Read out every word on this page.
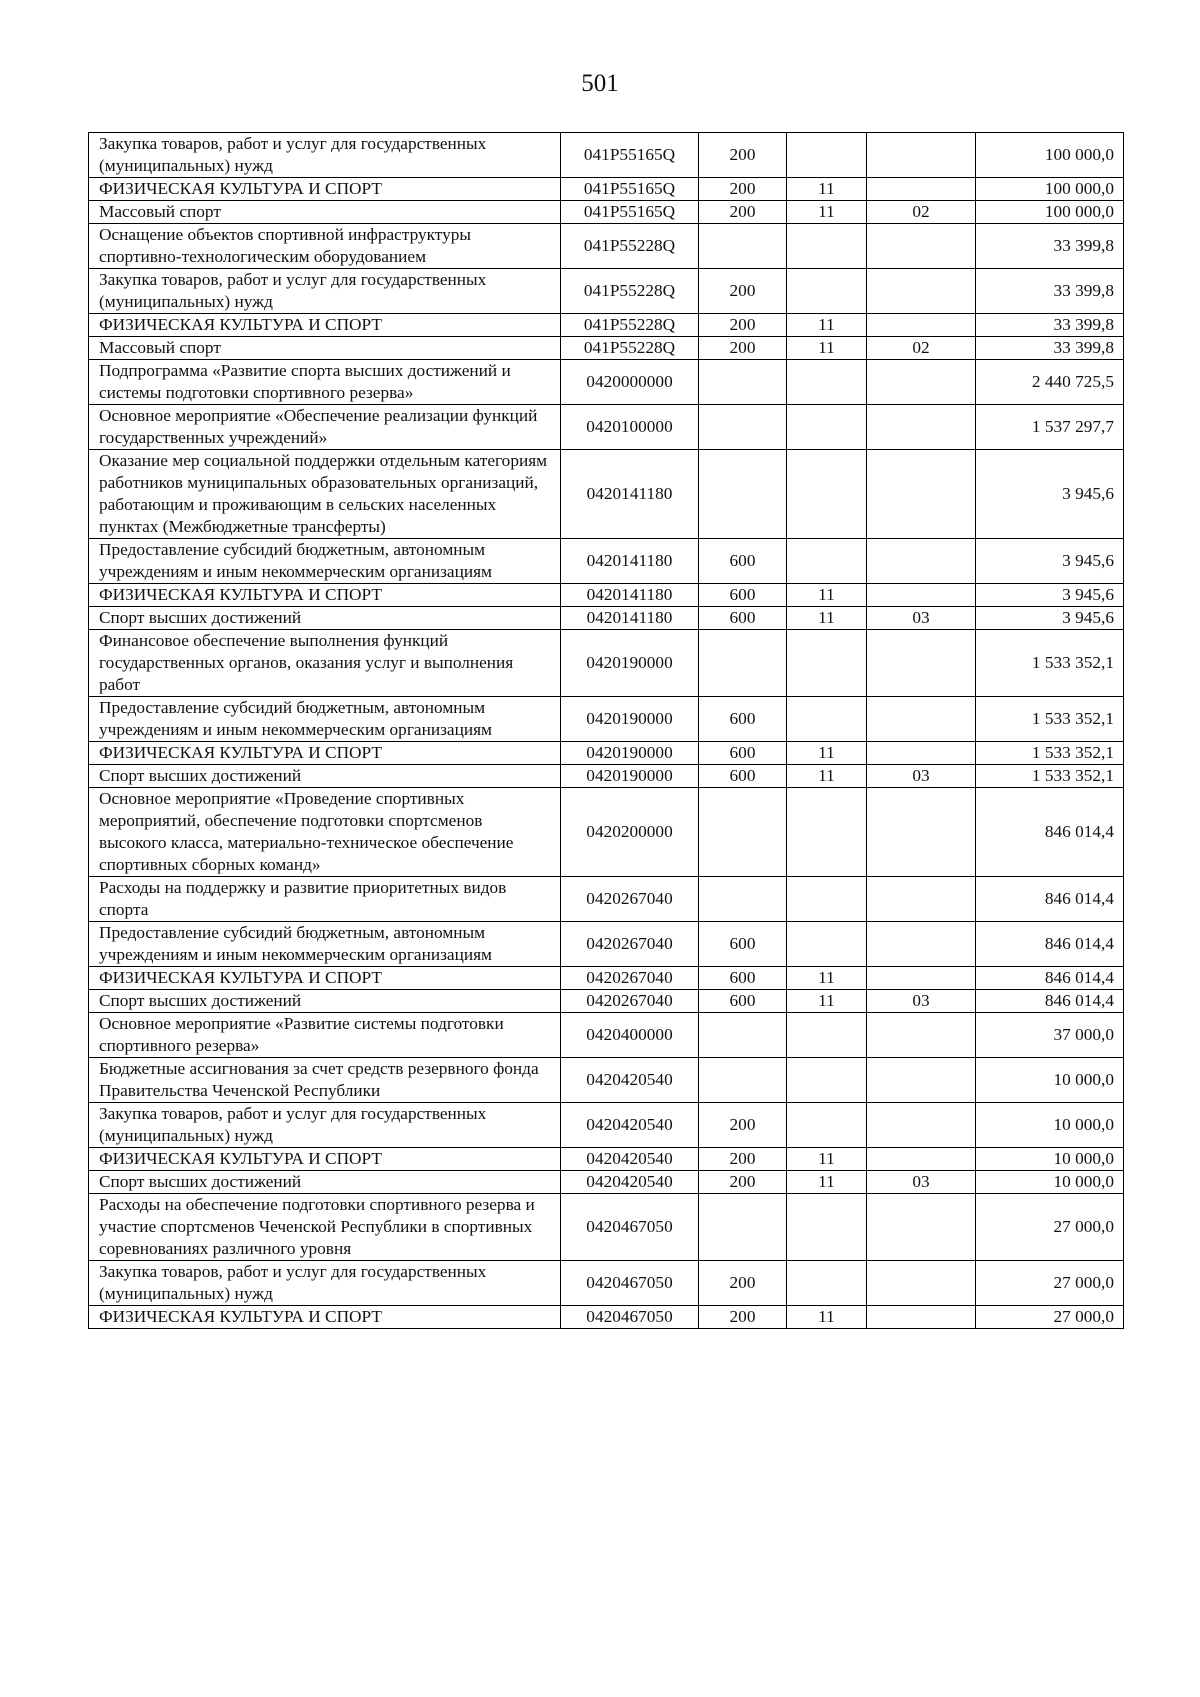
501
Закупка товаров, работ и услуг для государственных (муниципальных) нужд	041P55165Q	200			100 000,0
ФИЗИЧЕСКАЯ КУЛЬТУРА И СПОРТ	041P55165Q	200	11		100 000,0
Массовый спорт	041P55165Q	200	11	02	100 000,0
Оснащение объектов спортивной инфраструктуры спортивно-технологическим оборудованием	041P55228Q				33 399,8
Закупка товаров, работ и услуг для государственных (муниципальных) нужд	041P55228Q	200			33 399,8
ФИЗИЧЕСКАЯ КУЛЬТУРА И СПОРТ	041P55228Q	200	11		33 399,8
Массовый спорт	041P55228Q	200	11	02	33 399,8
Подпрограмма «Развитие спорта высших достижений и системы подготовки спортивного резерва»	0420000000				2 440 725,5
Основное мероприятие «Обеспечение реализации функций государственных учреждений»	0420100000				1 537 297,7
Оказание мер социальной поддержки отдельным категориям работников муниципальных образовательных организаций, работающим и проживающим в сельских населенных пунктах (Межбюджетные трансферты)	0420141180				3 945,6
Предоставление субсидий бюджетным, автономным учреждениям и иным некоммерческим организациям	0420141180	600			3 945,6
ФИЗИЧЕСКАЯ КУЛЬТУРА И СПОРТ	0420141180	600	11		3 945,6
Спорт высших достижений	0420141180	600	11	03	3 945,6
Финансовое обеспечение выполнения функций государственных органов, оказания услуг и выполнения работ	0420190000				1 533 352,1
Предоставление субсидий бюджетным, автономным учреждениям и иным некоммерческим организациям	0420190000	600			1 533 352,1
ФИЗИЧЕСКАЯ КУЛЬТУРА И СПОРТ	0420190000	600	11		1 533 352,1
Спорт высших достижений	0420190000	600	11	03	1 533 352,1
Основное мероприятие «Проведение спортивных мероприятий, обеспечение подготовки спортсменов высокого класса, материально-техническое обеспечение спортивных сборных команд»	0420200000				846 014,4
Расходы на поддержку и развитие приоритетных видов спорта	0420267040				846 014,4
Предоставление субсидий бюджетным, автономным учреждениям и иным некоммерческим организациям	0420267040	600			846 014,4
ФИЗИЧЕСКАЯ КУЛЬТУРА И СПОРТ	0420267040	600	11		846 014,4
Спорт высших достижений	0420267040	600	11	03	846 014,4
Основное мероприятие «Развитие системы подготовки спортивного резерва»	0420400000				37 000,0
Бюджетные ассигнования за счет средств резервного фонда Правительства Чеченской Республики	0420420540				10 000,0
Закупка товаров, работ и услуг для государственных (муниципальных) нужд	0420420540	200			10 000,0
ФИЗИЧЕСКАЯ КУЛЬТУРА И СПОРТ	0420420540	200	11		10 000,0
Спорт высших достижений	0420420540	200	11	03	10 000,0
Расходы на обеспечение подготовки спортивного резерва и участие спортсменов Чеченской Республики в спортивных соревнованиях различного уровня	0420467050				27 000,0
Закупка товаров, работ и услуг для государственных (муниципальных) нужд	0420467050	200			27 000,0
ФИЗИЧЕСКАЯ КУЛЬТУРА И СПОРТ	0420467050	200	11		27 000,0
